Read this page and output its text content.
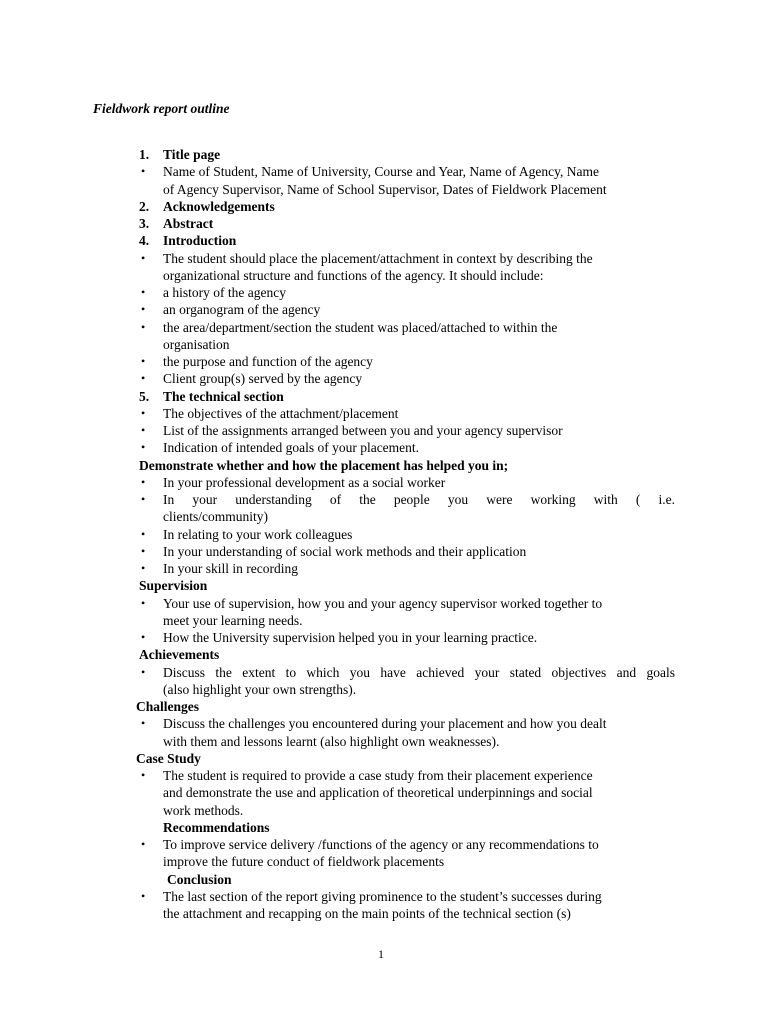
Fieldwork report outline
1. Title page
• Name of Student, Name of University, Course and Year, Name of Agency, Name
of Agency Supervisor, Name of School Supervisor, Dates of Fieldwork Placement
2. Acknowledgements
3. Abstract
4. Introduction
• The student should place the placement/attachment in context by describing the
organizational structure and functions of the agency. It should include:
• a history of the agency
• an organogram of the agency
• the area/department/section the student was placed/attached to within the
organisation
• the purpose and function of the agency
• Client group(s) served by the agency
5. The technical section
• The objectives of the attachment/placement
• List of the assignments arranged between you and your agency supervisor
• Indication of intended goals of your placement.
Demonstrate whether and how the placement has helped you in;
• In your professional development as a social worker
• In your understanding of the people you were working with ( i.e.
clients/community)
• In relating to your work colleagues
• In your understanding of social work methods and their application
• In your skill in recording
Supervision
• Your use of supervision, how you and your agency supervisor worked together to
meet your learning needs.
• How the University supervision helped you in your learning practice.
Achievements
• Discuss the extent to which you have achieved your stated objectives and goals
(also highlight your own strengths).
Challenges
• Discuss the challenges you encountered during your placement and how you dealt
with them and lessons learnt (also highlight own weaknesses).
Case Study
• The student is required to provide a case study from their placement experience
and demonstrate the use and application of theoretical underpinnings and social
work methods.
Recommendations
• To improve service delivery /functions of the agency or any recommendations to
improve the future conduct of fieldwork placements
Conclusion
• The last section of the report giving prominence to the student’s successes during
the attachment and recapping on the main points of the technical section (s)
1
